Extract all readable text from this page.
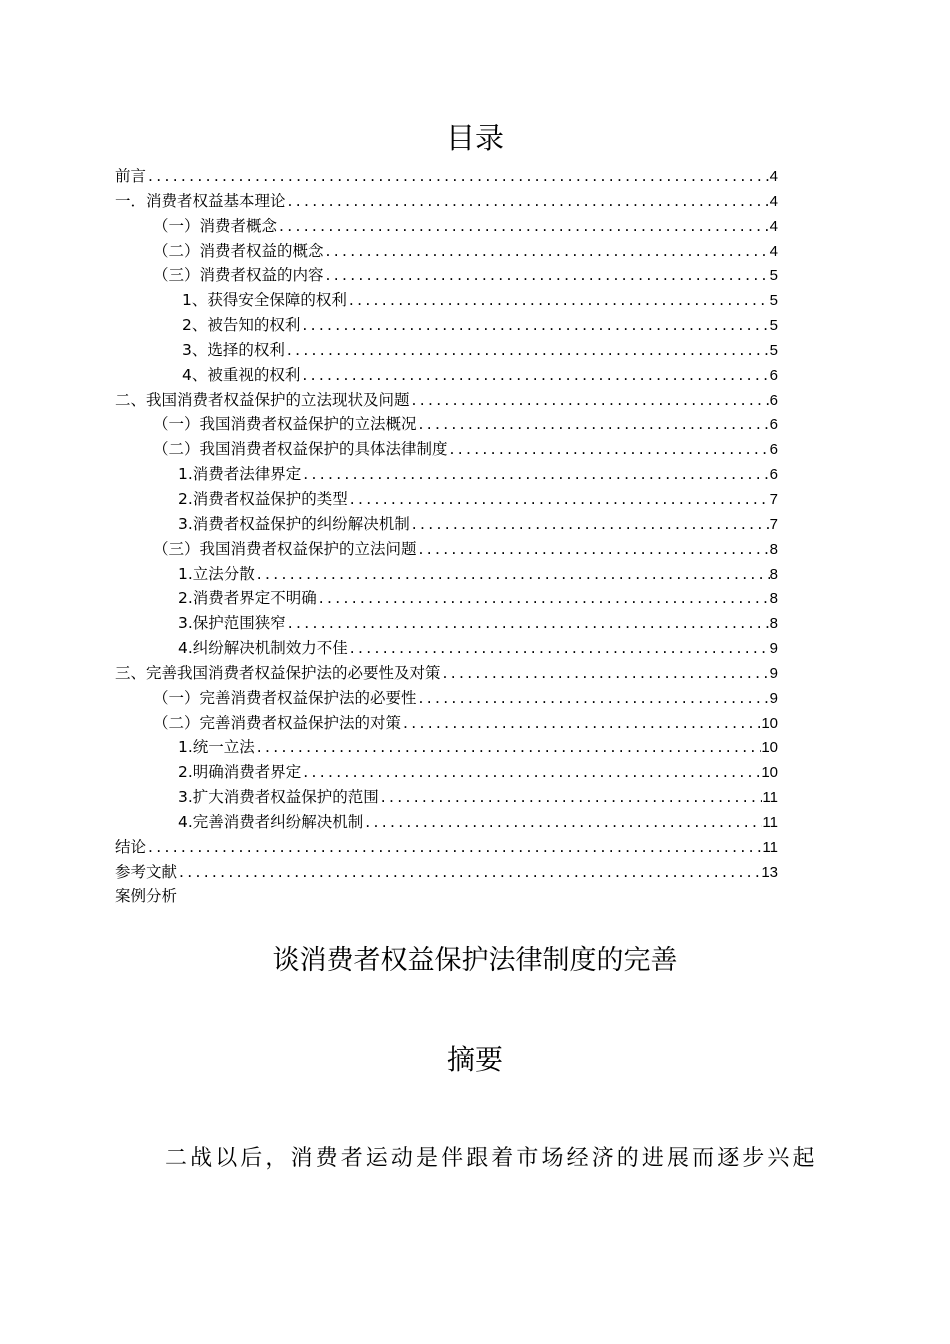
目录
前言 .....	4
一．消费者权益基本理论 .....	4
（一）消费者概念 .....	4
（二）消费者权益的概念 .....	4
（三）消费者权益的内容 .....	5
1、获得安全保障的权利 .....	5
2、被告知的权利 .....	5
3、选择的权利 .....	5
4、被重视的权利 .....	6
二、我国消费者权益保护的立法现状及问题 .....	6
（一）我国消费者权益保护的立法概况 .....	6
（二）我国消费者权益保护的具体法律制度 .....	6
1.消费者法律界定 .....	6
2.消费者权益保护的类型 .....	7
3.消费者权益保护的纠纷解决机制 .....	7
（三）我国消费者权益保护的立法问题 .....	8
1.立法分散 .....	8
2.消费者界定不明确 .....	8
3.保护范围狭窄 .....	8
4.纠纷解决机制效力不佳 .....	9
三、完善我国消费者权益保护法的必要性及对策 .....	9
（一）完善消费者权益保护法的必要性 .....	9
（二）完善消费者权益保护法的对策 .....	10
1.统一立法 .....	10
2.明确消费者界定 .....	10
3.扩大消费者权益保护的范围 .....	11
4.完善消费者纠纷解决机制 .....	11
结论 .....	11
参考文献 .....	13
案例分析
谈消费者权益保护法律制度的完善
摘要

二战以后，消费者运动是伴跟着市场经济的进展而逐步兴起
